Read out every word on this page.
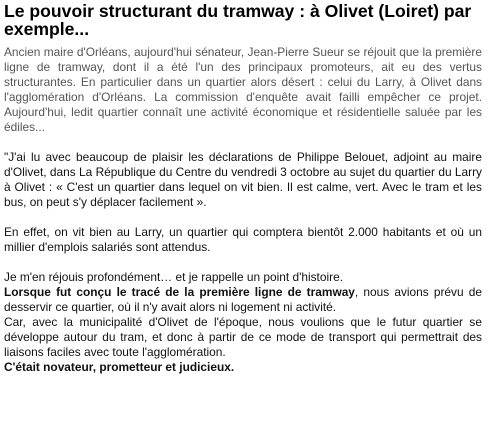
Le pouvoir structurant du tramway : à Olivet (Loiret) par exemple...

Ancien maire d'Orléans, aujourd'hui sénateur, Jean-Pierre Sueur se réjouit que la première ligne de tramway, dont il a été l'un des principaux promoteurs, ait eu des vertus structurantes. En particulier dans un quartier alors désert : celui du Larry, à Olivet dans l'agglomération d'Orléans. La commission d'enquête avait failli empêcher ce projet. Aujourd'hui, ledit quartier connaît une activité économique et résidentielle saluée par les édiles...

"J'ai lu avec beaucoup de plaisir les déclarations de Philippe Belouet, adjoint au maire d'Olivet, dans La République du Centre du vendredi 3 octobre au sujet du quartier du Larry à Olivet : « C'est un quartier dans lequel on vit bien. Il est calme, vert. Avec le tram et les bus, on peut s'y déplacer facilement ».

En effet, on vit bien au Larry, un quartier qui comptera bientôt 2.000 habitants et où un millier d'emplois salariés sont attendus.

Je m'en réjouis profondément… et je rappelle un point d'histoire.
Lorsque fut conçu le tracé de la première ligne de tramway, nous avions prévu de desservir ce quartier, où il n'y avait alors ni logement ni activité.
Car, avec la municipalité d'Olivet de l'époque, nous voulions que le futur quartier se développe autour du tram, et donc à partir de ce mode de transport qui permettrait des liaisons faciles avec toute l'agglomération.
C'était novateur, prometteur et judicieux.
